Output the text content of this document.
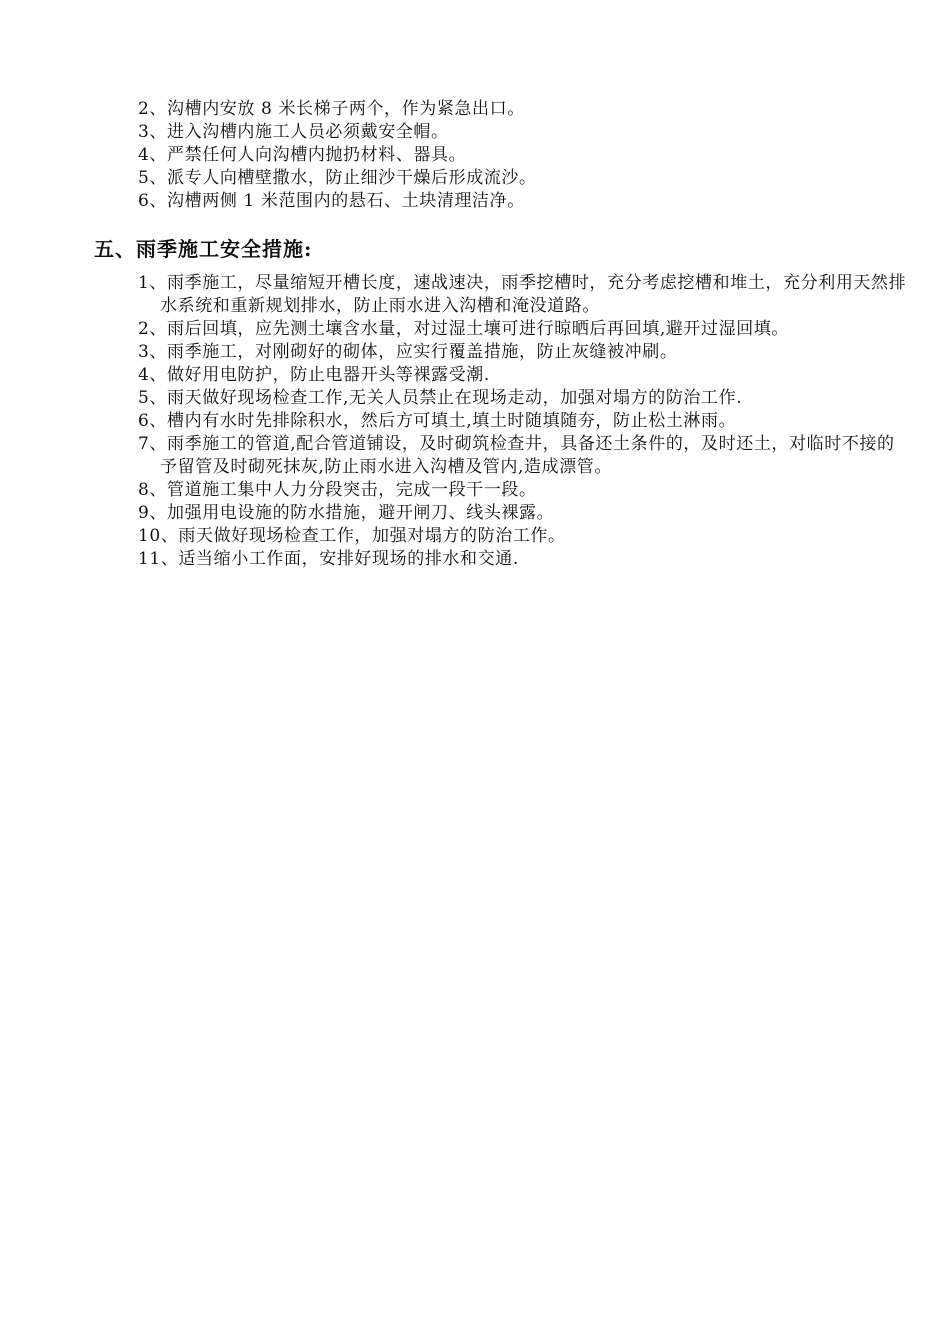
2、沟槽内安放 8 米长梯子两个，作为紧急出口。
3、进入沟槽内施工人员必须戴安全帽。
4、严禁任何人向沟槽内抛扔材料、器具。
5、派专人向槽壁撒水，防止细沙干燥后形成流沙。
6、沟槽两侧 1 米范围内的悬石、土块清理洁净。
五、雨季施工安全措施:
1、雨季施工，尽量缩短开槽长度，速战速决，雨季挖槽时，充分考虑挖槽和堆土，充分利用天然排水系统和重新规划排水，防止雨水进入沟槽和淹没道路。
2、雨后回填，应先测土壤含水量，对过湿土壤可进行晾晒后再回填,避开过湿回填。
3、雨季施工，对刚砌好的砌体，应实行覆盖措施，防止灰缝被冲刷。
4、做好用电防护，防止电器开头等裸露受潮.
5、雨天做好现场检查工作,无关人员禁止在现场走动，加强对塌方的防治工作.
6、槽内有水时先排除积水，然后方可填土,填土时随填随夯，防止松土淋雨。
7、雨季施工的管道,配合管道铺设，及时砌筑检查井，具备还土条件的，及时还土，对临时不接的予留管及时砌死抹灰,防止雨水进入沟槽及管内,造成漂管。
8、管道施工集中人力分段突击，完成一段干一段。
9、加强用电设施的防水措施，避开闸刀、线头裸露。
10、雨天做好现场检查工作，加强对塌方的防治工作。
11、适当缩小工作面，安排好现场的排水和交通.
